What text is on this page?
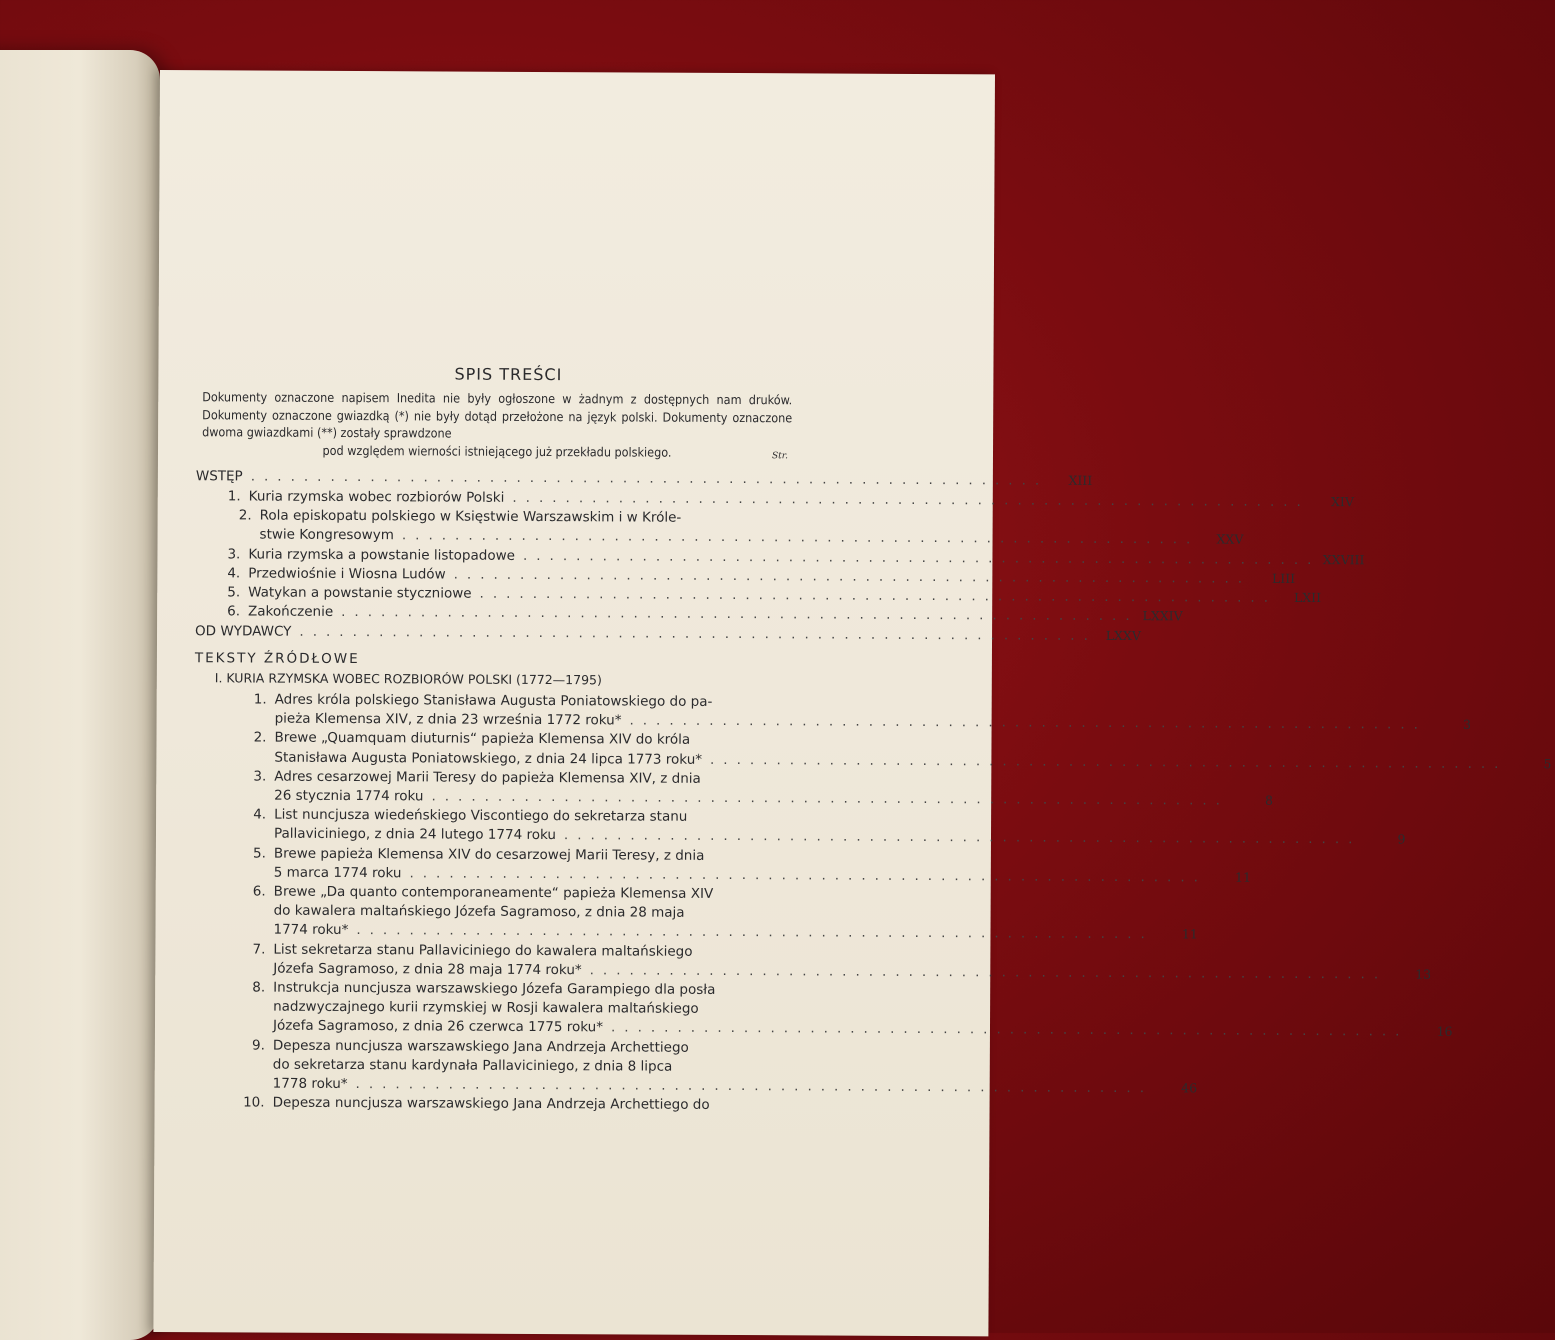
SPIS TREŚCI
Dokumenty oznaczone napisem Inedita nie były ogłoszone w żadnym z dostępnych nam druków. Dokumenty oznaczone gwiazdką (*) nie były dotąd przełożone na język polski. Dokumenty oznaczone dwoma gwiazdkami (**) zostały sprawdzone
pod względem wierności istniejącego już przekładu polskiego.	Str.
WSTĘP ............................................................	XIII
1. Kuria rzymska wobec rozbiorów Polski ............................................................	XIV
2. Rola episkopatu polskiego w Księstwie Warszawskim i w Króle-
stwie Kongresowym ............................................................	XXV
3. Kuria rzymska a powstanie listopadowe ............................................................ XXVIII
4. Przedwiośnie i Wiosna Ludów ............................................................	LIII
5. Watykan a powstanie styczniowe ............................................................	LXII
6. Zakończenie ............................................................ LXXIV
OD WYDAWCY ............................................................ LXXV
TEKSTY ŹRÓDŁOWE
I. KURIA RZYMSKA WOBEC ROZBIORÓW POLSKI (1772—1795)
1. Adres króla polskiego Stanisława Augusta Poniatowskiego do pa-
pieża Klemensa XIV, z dnia 23 września 1772 roku* ............................................................	3
2. Brewe „Quamquam diuturnis“ papieża Klemensa XIV do króla
Stanisława Augusta Poniatowskiego, z dnia 24 lipca 1773 roku* ............................................................	5
3. Adres cesarzowej Marii Teresy do papieża Klemensa XIV, z dnia
26 stycznia 1774 roku ............................................................	8
4. List nuncjusza wiedeńskiego Viscontiego do sekretarza stanu
Pallaviciniego, z dnia 24 lutego 1774 roku ............................................................	9
5. Brewe papieża Klemensa XIV do cesarzowej Marii Teresy, z dnia
5 marca 1774 roku ............................................................	11
6. Brewe „Da quanto contemporaneamente“ papieża Klemensa XIV
do kawalera maltańskiego Józefa Sagramoso, z dnia 28 maja
1774 roku* ............................................................	11
7. List sekretarza stanu Pallaviciniego do kawalera maltańskiego
Józefa Sagramoso, z dnia 28 maja 1774 roku* ............................................................	13
8. Instrukcja nuncjusza warszawskiego Józefa Garampiego dla posła
nadzwyczajnego kurii rzymskiej w Rosji kawalera maltańskiego
Józefa Sagramoso, z dnia 26 czerwca 1775 roku* ............................................................	16
9. Depesza nuncjusza warszawskiego Jana Andrzeja Archettiego
do sekretarza stanu kardynała Pallaviciniego, z dnia 8 lipca
1778 roku* ............................................................	46
10. Depesza nuncjusza warszawskiego Jana Andrzeja Archettiego do
